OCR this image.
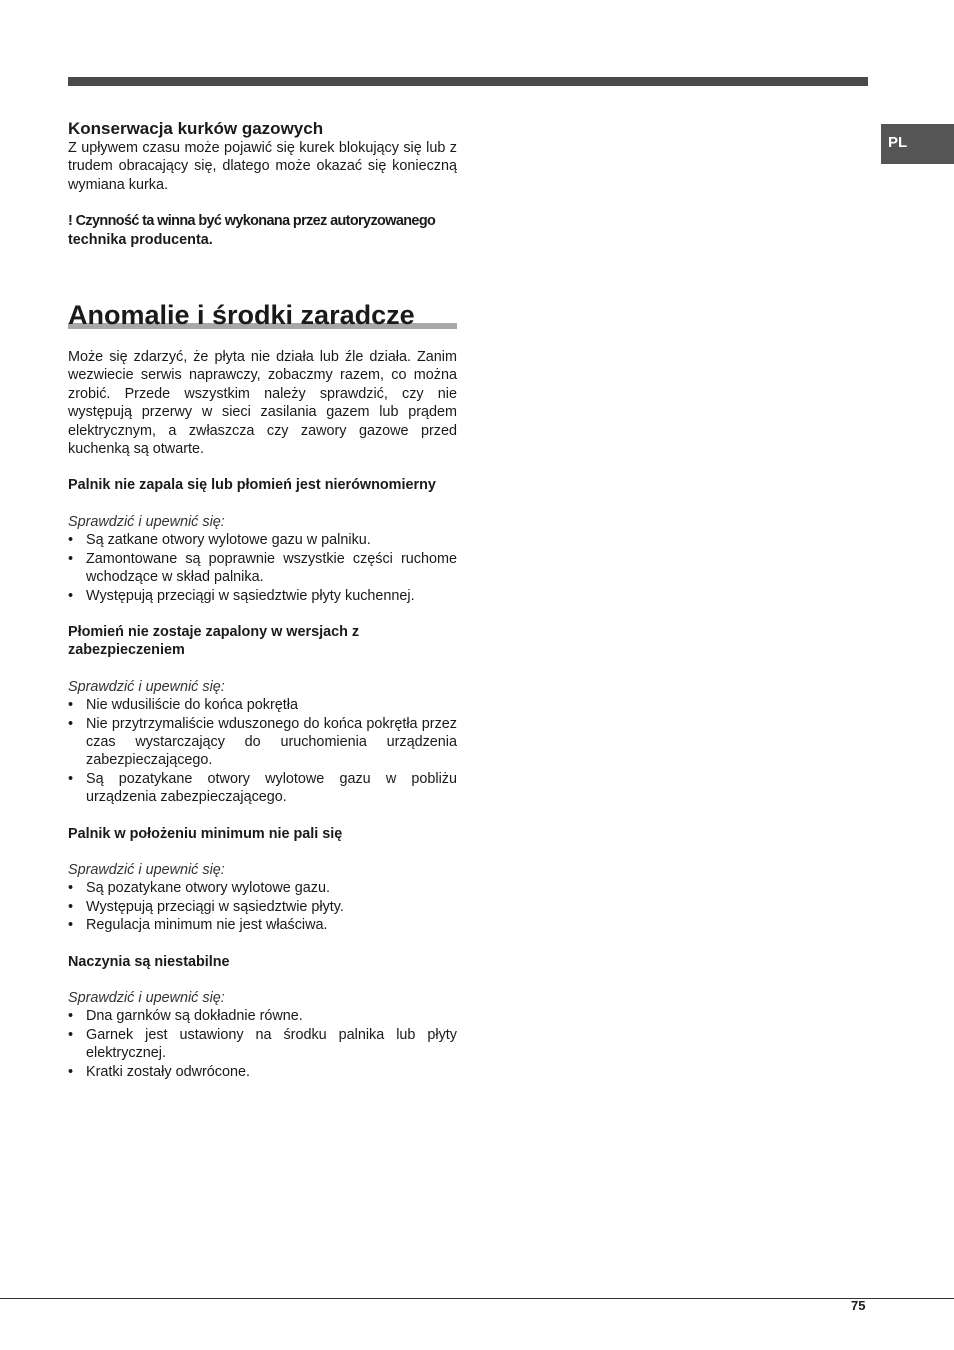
PL
Konserwacja kurków gazowych

Z upływem czasu może pojawić się kurek blokujący się lub z trudem obracający się, dlatego może okazać się konieczną wymiana kurka.

! Czynność ta winna być wykonana przez autoryzowanego
technika producenta.
Anomalie i środki zaradcze

Może się zdarzyć, że płyta nie działa lub źle działa. Zanim wezwiecie serwis naprawczy, zobaczmy razem, co można zrobić. Przede wszystkim należy sprawdzić, czy nie występują przerwy w sieci zasilania gazem lub prądem elektrycznym, a zwłaszcza czy zawory gazowe przed kuchenką są otwarte.

Palnik nie zapala się lub płomień jest nierównomierny

Sprawdzić i upewnić się:

• Są zatkane otwory wylotowe gazu w palniku.
• Zamontowane są poprawnie wszystkie części ruchome wchodzące w skład palnika.
• Występują przeciągi w sąsiedztwie płyty kuchennej.
Płomień nie zostaje zapalony w wersjach z zabezpieczeniem

Sprawdzić i upewnić się:

• Nie wdusiliście do końca pokrętła
• Nie przytrzymaliście wduszonego do końca pokrętła przez czas wystarczający do uruchomienia urządzenia zabezpieczającego.
• Są pozatykane otwory wylotowe gazu w pobliżu urządzenia zabezpieczającego.
Palnik w położeniu minimum nie pali się

Sprawdzić i upewnić się:

• Są pozatykane otwory wylotowe gazu.
• Występują przeciągi w sąsiedztwie płyty.
• Regulacja minimum nie jest właściwa.
Naczynia są niestabilne

Sprawdzić i upewnić się:

• Dna garnków są dokładnie równe.
• Garnek jest ustawiony na środku palnika lub płyty elektrycznej.
• Kratki zostały odwrócone.
75
